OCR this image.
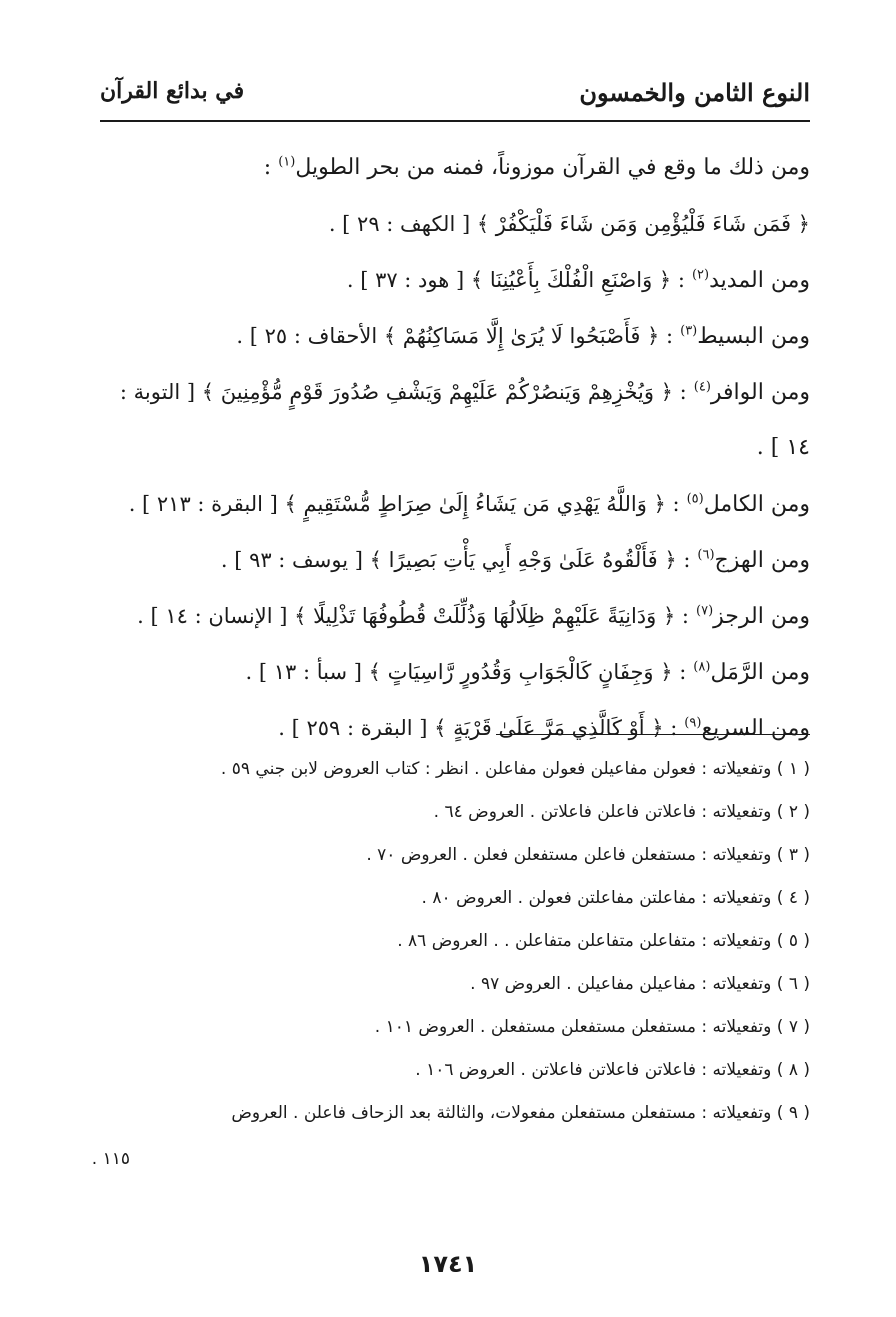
النوع الثامن والخمسون
في بدائع القرآن
ومن ذلك ما وقع في القرآن موزوناً، فمنه من بحر الطويل$^{(١)}$ :
﴿ فَمَن شَاءَ فَلْيُؤْمِن وَمَن شَاءَ فَلْيَكْفُرْ ﴾ [ الكهف : ٢٩ ] .
ومن المديد$^{(٢)}$ : ﴿ وَاصْنَعِ الْفُلْكَ بِأَعْيُنِنَا ﴾ [ هود : ٣٧ ] .
ومن البسيط$^{(٣)}$ : ﴿ فَأَصْبَحُوا لَا يُرَىٰ إِلَّا مَسَاكِنُهُمْ ﴾ الأحقاف : ٢٥ ] .
ومن الوافر$^{(٤)}$ : ﴿ وَيُخْزِهِمْ وَيَنصُرْكُمْ عَلَيْهِمْ وَيَشْفِ صُدُورَ قَوْمٍ مُّؤْمِنِينَ ﴾ [ التوبة :
١٤ ] .
ومن الكامل$^{(٥)}$ : ﴿ وَاللَّهُ يَهْدِي مَن يَشَاءُ إِلَىٰ صِرَاطٍ مُّسْتَقِيمٍ ﴾ [ البقرة : ٢١٣ ] .
ومن الهزج$^{(٦)}$ : ﴿ فَأَلْقُوهُ عَلَىٰ وَجْهِ أَبِي يَأْتِ بَصِيرًا ﴾ [ يوسف : ٩٣ ] .
ومن الرجز$^{(٧)}$ : ﴿ وَدَانِيَةً عَلَيْهِمْ ظِلَالُهَا وَذُلِّلَتْ قُطُوفُهَا تَذْلِيلًا ﴾ [ الإنسان : ١٤ ] .
ومن الرَّمَل$^{(٨)}$ : ﴿ وَجِفَانٍ كَالْجَوَابِ وَقُدُورٍ رَّاسِيَاتٍ ﴾ [ سبأ : ١٣ ] .
ومن السريع$^{(٩)}$ : ﴿ أَوْ كَالَّذِي مَرَّ عَلَىٰ قَرْيَةٍ ﴾ [ البقرة : ٢٥٩ ] .
( ١ ) وتفعيلاته : فعولن مفاعيلن فعولن مفاعلن . انظر : كتاب العروض لابن جني ٥٩ .
( ٢ ) وتفعيلاته : فاعلاتن فاعلن فاعلاتن . العروض ٦٤ .
( ٣ ) وتفعيلاته : مستفعلن فاعلن مستفعلن فعلن . العروض ٧٠ .
( ٤ ) وتفعيلاته : مفاعلتن مفاعلتن فعولن . العروض ٨٠ .
( ٥ ) وتفعيلاته : متفاعلن متفاعلن متفاعلن . . العروض ٨٦ .
( ٦ ) وتفعيلاته : مفاعيلن مفاعيلن . العروض ٩٧ .
( ٧ ) وتفعيلاته : مستفعلن مستفعلن مستفعلن . العروض ١٠١ .
( ٨ ) وتفعيلاته : فاعلاتن فاعلاتن فاعلاتن . العروض ١٠٦ .
( ٩ ) وتفعيلاته : مستفعلن مستفعلن مفعولات، والثالثة بعد الزحاف فاعلن . العروض
١١٥ .
١٧٤١
